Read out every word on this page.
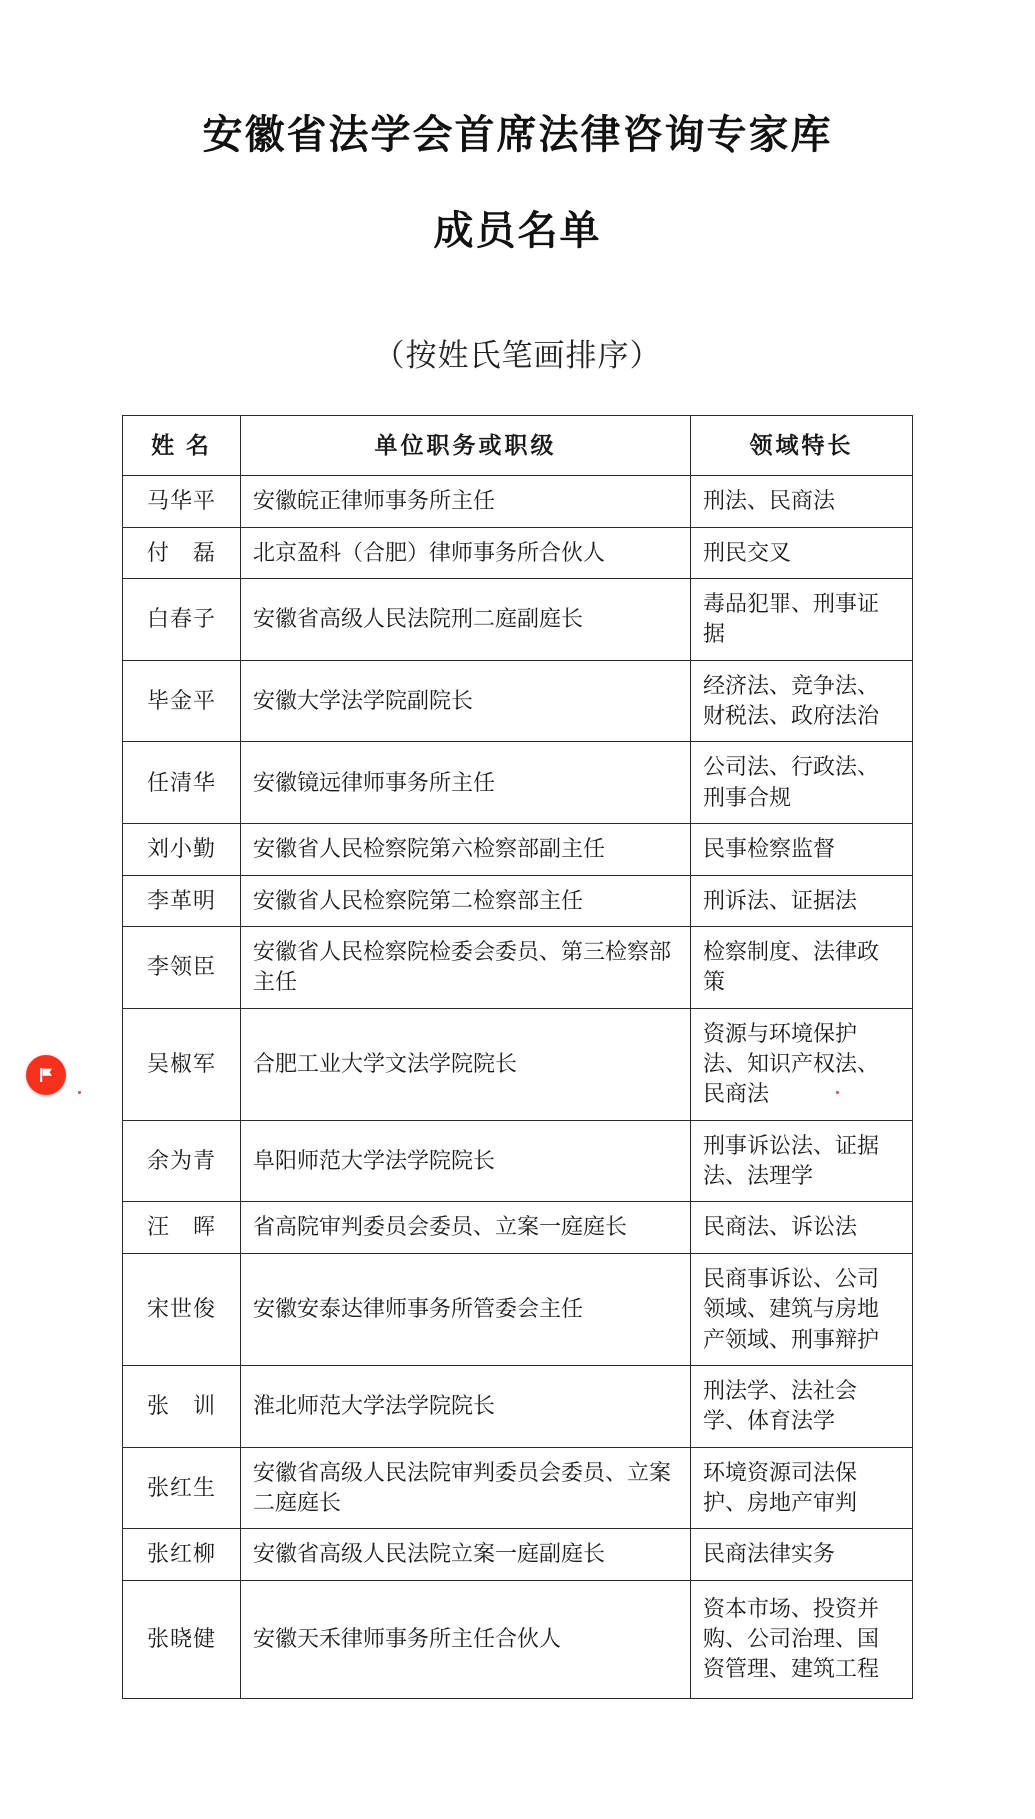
安徽省法学会首席法律咨询专家库
成员名单
（按姓氏笔画排序）
姓 名	单位职务或职级	领域特长
马华平	安徽皖正律师事务所主任	刑法、民商法
付　磊	北京盈科（合肥）律师事务所合伙人	刑民交叉
白春子	安徽省高级人民法院刑二庭副庭长	毒品犯罪、刑事证据
毕金平	安徽大学法学院副院长	经济法、竞争法、财税法、政府法治
任清华	安徽镜远律师事务所主任	公司法、行政法、刑事合规
刘小勤	安徽省人民检察院第六检察部副主任	民事检察监督
李革明	安徽省人民检察院第二检察部主任	刑诉法、证据法
李领臣	安徽省人民检察院检委会委员、第三检察部主任	检察制度、法律政策
吴椒军	合肥工业大学文法学院院长	资源与环境保护法、知识产权法、民商法
余为青	阜阳师范大学法学院院长	刑事诉讼法、证据法、法理学
汪　晖	省高院审判委员会委员、立案一庭庭长	民商法、诉讼法
宋世俊	安徽安泰达律师事务所管委会主任	民商事诉讼、公司领域、建筑与房地产领域、刑事辩护
张　训	淮北师范大学法学院院长	刑法学、法社会学、体育法学
张红生	安徽省高级人民法院审判委员会委员、立案二庭庭长	环境资源司法保护、房地产审判
张红柳	安徽省高级人民法院立案一庭副庭长	民商法律实务
张晓健	安徽天禾律师事务所主任合伙人	资本市场、投资并购、公司治理、国资管理、建筑工程
